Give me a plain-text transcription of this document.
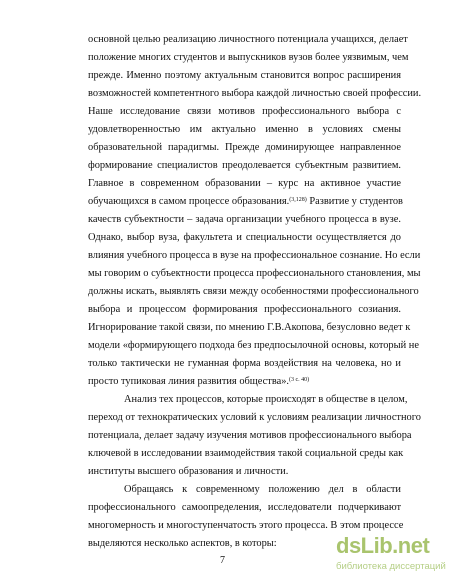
основной целью реализацию личностного потенциала учащихся, делает
положение многих студентов и выпускников вузов более уязвимым, чем
прежде. Именно поэтому актуальным становится вопрос расширения
возможностей компетентного выбора каждой личностью своей профессии.
Наше исследование связи мотивов профессионального выбора с
удовлетворенностью им актуально именно в условиях смены
образовательной парадигмы. Прежде доминирующее направленное
формирование специалистов преодолевается субъектным развитием.
Главное в современном образовании – курс на активное участие
обучающихся в самом процессе образования.$^{(3,128)}$ Развитие у студентов
качеств субъектности – задача организации учебного процесса в вузе.
Однако, выбор вуза, факультета и специальности осуществляется до
влияния учебного процесса в вузе на профессиональное сознание. Но если
мы говорим о субъектности процесса профессионального становления, мы
должны искать, выявлять связи между особенностями профессионального
выбора и процессом формирования профессионального созиания.
Игнорирование такой связи, по мнению Г.В.Акопова, безусловно ведет к
модели «формирующего подхода без предпосылочной основы, который не
только тактически не гуманная форма воздействия на человека, но и
просто тупиковая линия развития общества».$^{(3 с. 40)}$
Анализ тех процессов, которые происходят в обществе в целом,
переход от технократических условий к условиям реализации личностного
потенциала, делает задачу изучения мотивов профессионального выбора
ключевой в исследовании взаимодействия такой социальной среды как
институты высшего образования и личности.
Обращаясь к современному положению дел в области
профессионального самоопределения, исследователи подчеркивают
многомерность и многоступенчатость этого процесса. В этом процессе
выделяются несколько аспектов, в которы:
7
dsLib.net
библиотека диссертаций
